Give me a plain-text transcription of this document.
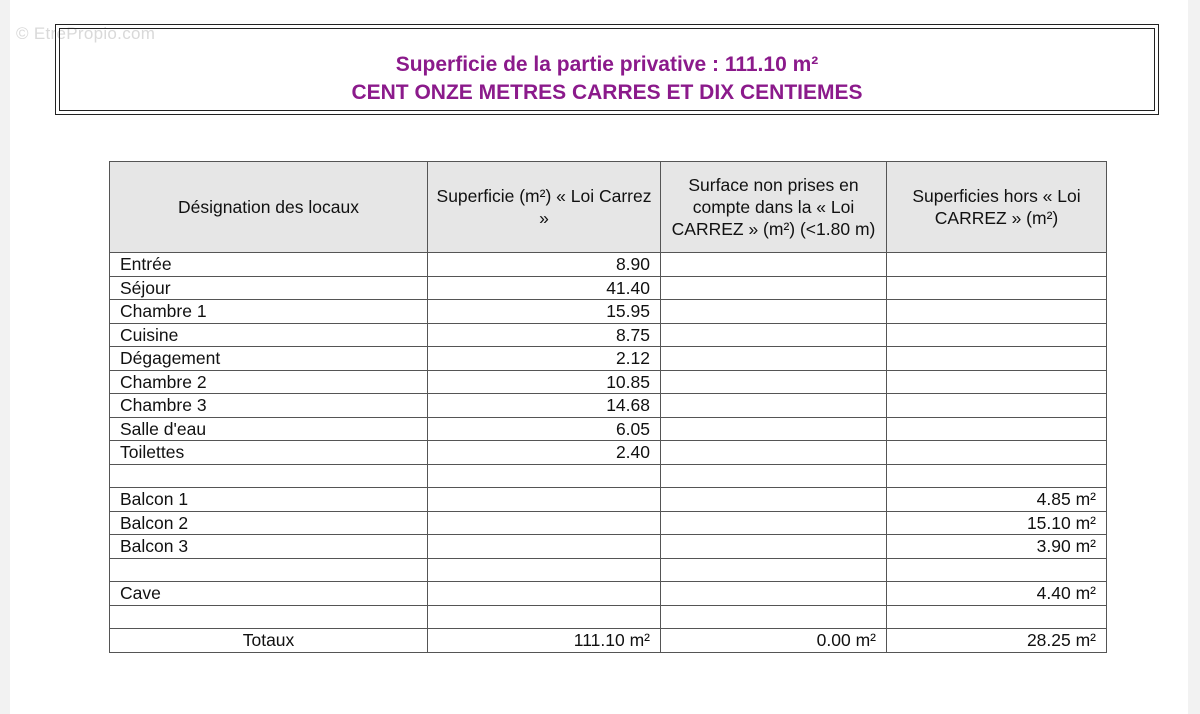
© EtrePropio.com
Superficie de la partie privative : 111.10 m²
CENT ONZE METRES CARRES ET DIX CENTIEMES
Désignation des locaux	Superficie (m²) « Loi Carrez »	Surface non prises en compte dans la « Loi CARREZ » (m²) (<1.80 m)	Superficies hors « Loi CARREZ » (m²)
Entrée	8.90		
Séjour	41.40		
Chambre 1	15.95		
Cuisine	8.75		
Dégagement	2.12		
Chambre 2	10.85		
Chambre 3	14.68		
Salle d'eau	6.05		
Toilettes	2.40		

Balcon 1			4.85 m²
Balcon 2			15.10 m²
Balcon 3			3.90 m²

Cave			4.40 m²

Totaux	111.10 m²	0.00 m²	28.25 m²
